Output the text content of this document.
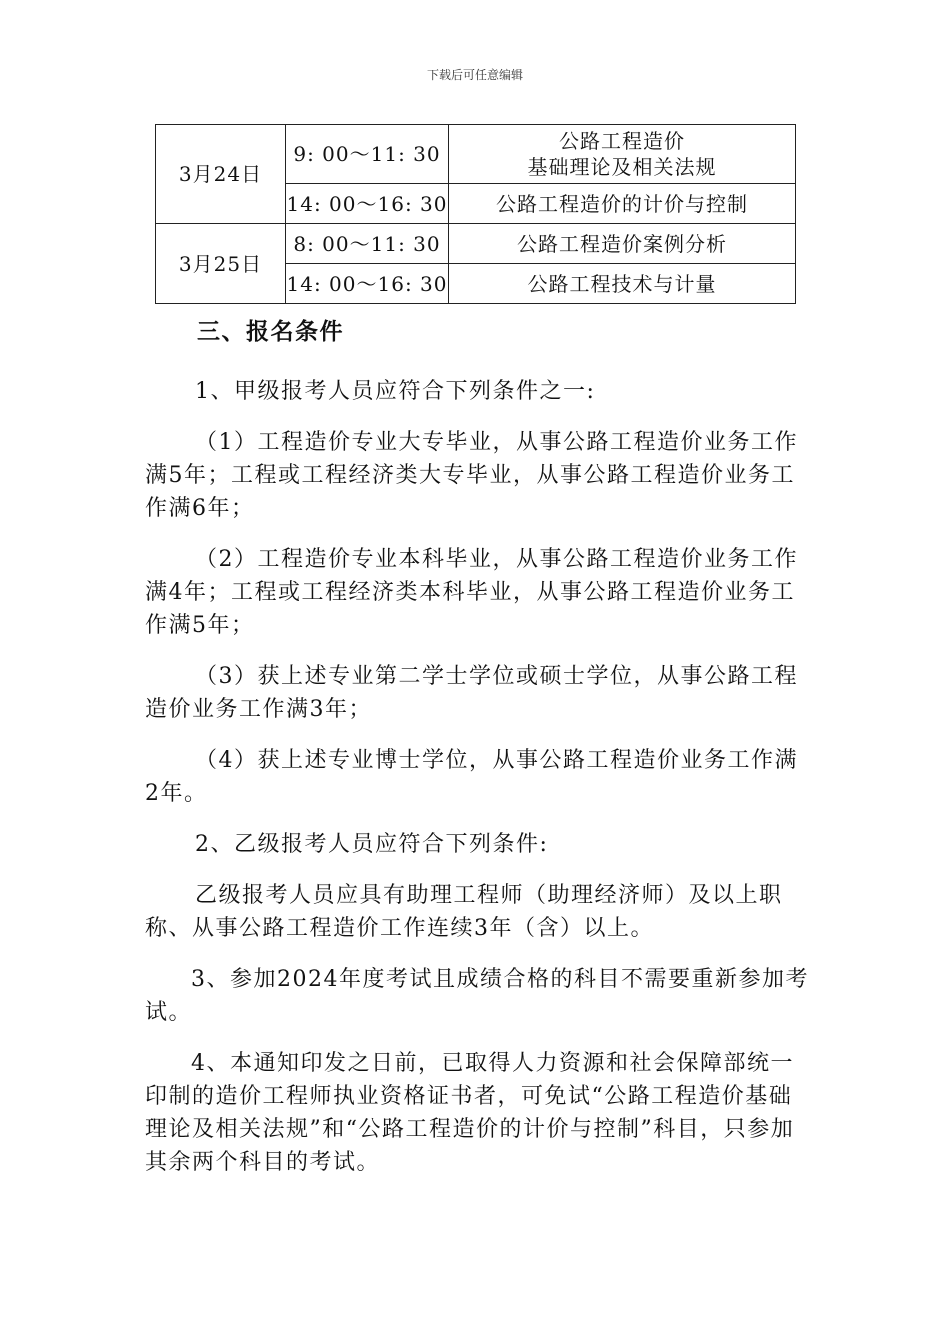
下载后可任意编辑
3月24日	9: 00～11: 30	公路工程造价
基础理论及相关法规

	14: 00～16: 30	公路工程造价的计价与控制
3月25日	8: 00～11: 30	公路工程造价案例分析
	14: 00～16: 30	公路工程技术与计量

三、报名条件

1、甲级报考人员应符合下列条件之一:

（1）工程造价专业大专毕业，从事公路工程造价业务工作满5年；工程或工程经济类大专毕业，从事公路工程造价业务工作满6年；

（2）工程造价专业本科毕业，从事公路工程造价业务工作满4年；工程或工程经济类本科毕业，从事公路工程造价业务工作满5年；

（3）获上述专业第二学士学位或硕士学位，从事公路工程造价业务工作满3年；

（4）获上述专业博士学位，从事公路工程造价业务工作满2年。

2、乙级报考人员应符合下列条件:

乙级报考人员应具有助理工程师（助理经济师）及以上职称、从事公路工程造价工作连续3年（含）以上。

3、参加2024年度考试且成绩合格的科目不需要重新参加考试。

4、本通知印发之日前，已取得人力资源和社会保障部统一印制的造价工程师执业资格证书者，可免试“公路工程造价基础理论及相关法规”和“公路工程造价的计价与控制”科目，只参加其余两个科目的考试。
